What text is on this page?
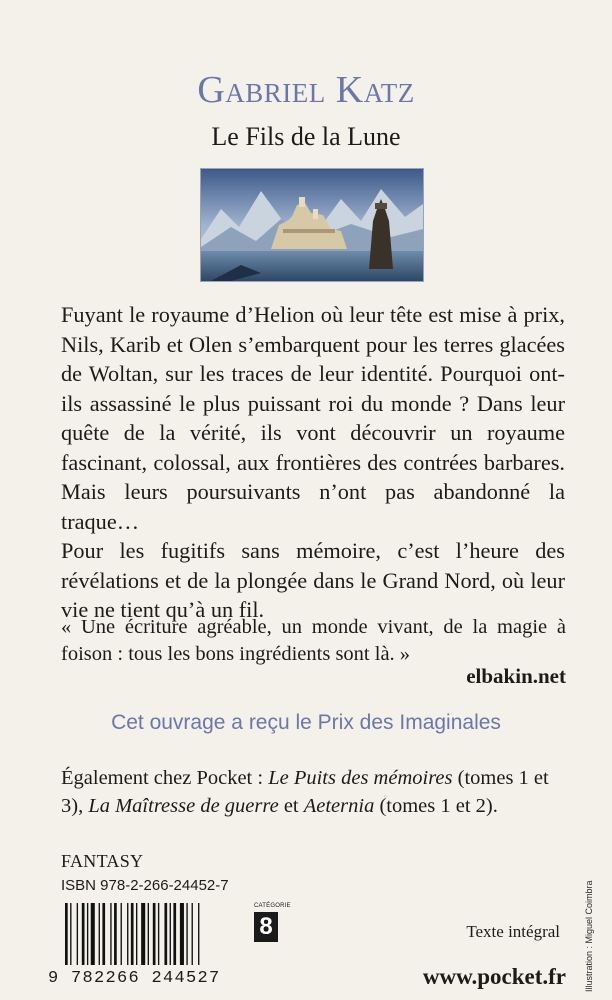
Gabriel Katz
Le Fils de la Lune
Fuyant le royaume d’Helion où leur tête est mise à prix, Nils, Karib et Olen s’embarquent pour les terres glacées de Woltan, sur les traces de leur identité. Pourquoi ont-ils assassiné le plus puissant roi du monde ? Dans leur quête de la vérité, ils vont découvrir un royaume fascinant, colossal, aux frontières des contrées barbares. Mais leurs poursuivants n’ont pas abandonné la traque…
Pour les fugitifs sans mémoire, c’est l’heure des révélations et de la plongée dans le Grand Nord, où leur vie ne tient qu’à un fil.
« Une écriture agréable, un monde vivant, de la magie à foison : tous les bons ingrédients sont là. »
elbakin.net
Cet ouvrage a reçu le Prix des Imaginales
Également chez Pocket : Le Puits des mémoires (tomes 1 et 3), La Maîtresse de guerre et Aeternia (tomes 1 et 2).
FANTASY
ISBN 978-2-266-24452-7
9 782266 244527
CATÉGORIE
8	Texte intégral
www.pocket.fr Illustration : Miguel Coimbra
